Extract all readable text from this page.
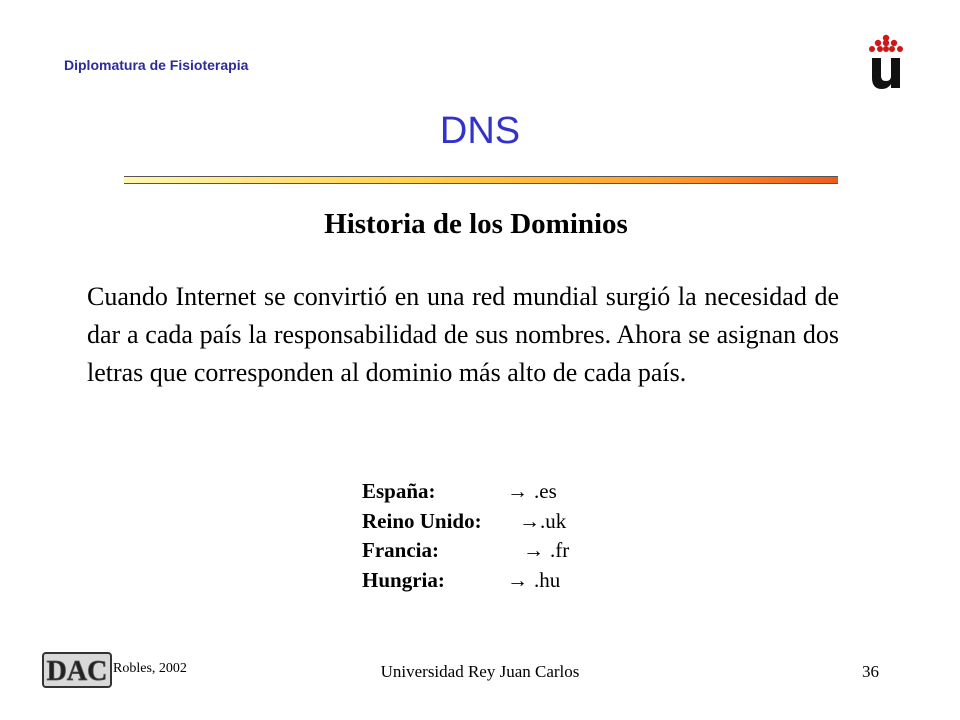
Diplomatura de Fisioterapia
DNS
Historia de los Dominios
Cuando Internet se convirtió en una red mundial surgió la necesidad de dar a cada país la responsabilidad de sus nombres. Ahora se asignan dos letras que corresponden al dominio más alto de cada país.
España:	→ .es
Reino Unido:	→ .uk
Francia:	→ .fr
Hungria:	→ .hu
DAC Robles, 2002	Universidad Rey Juan Carlos	36
